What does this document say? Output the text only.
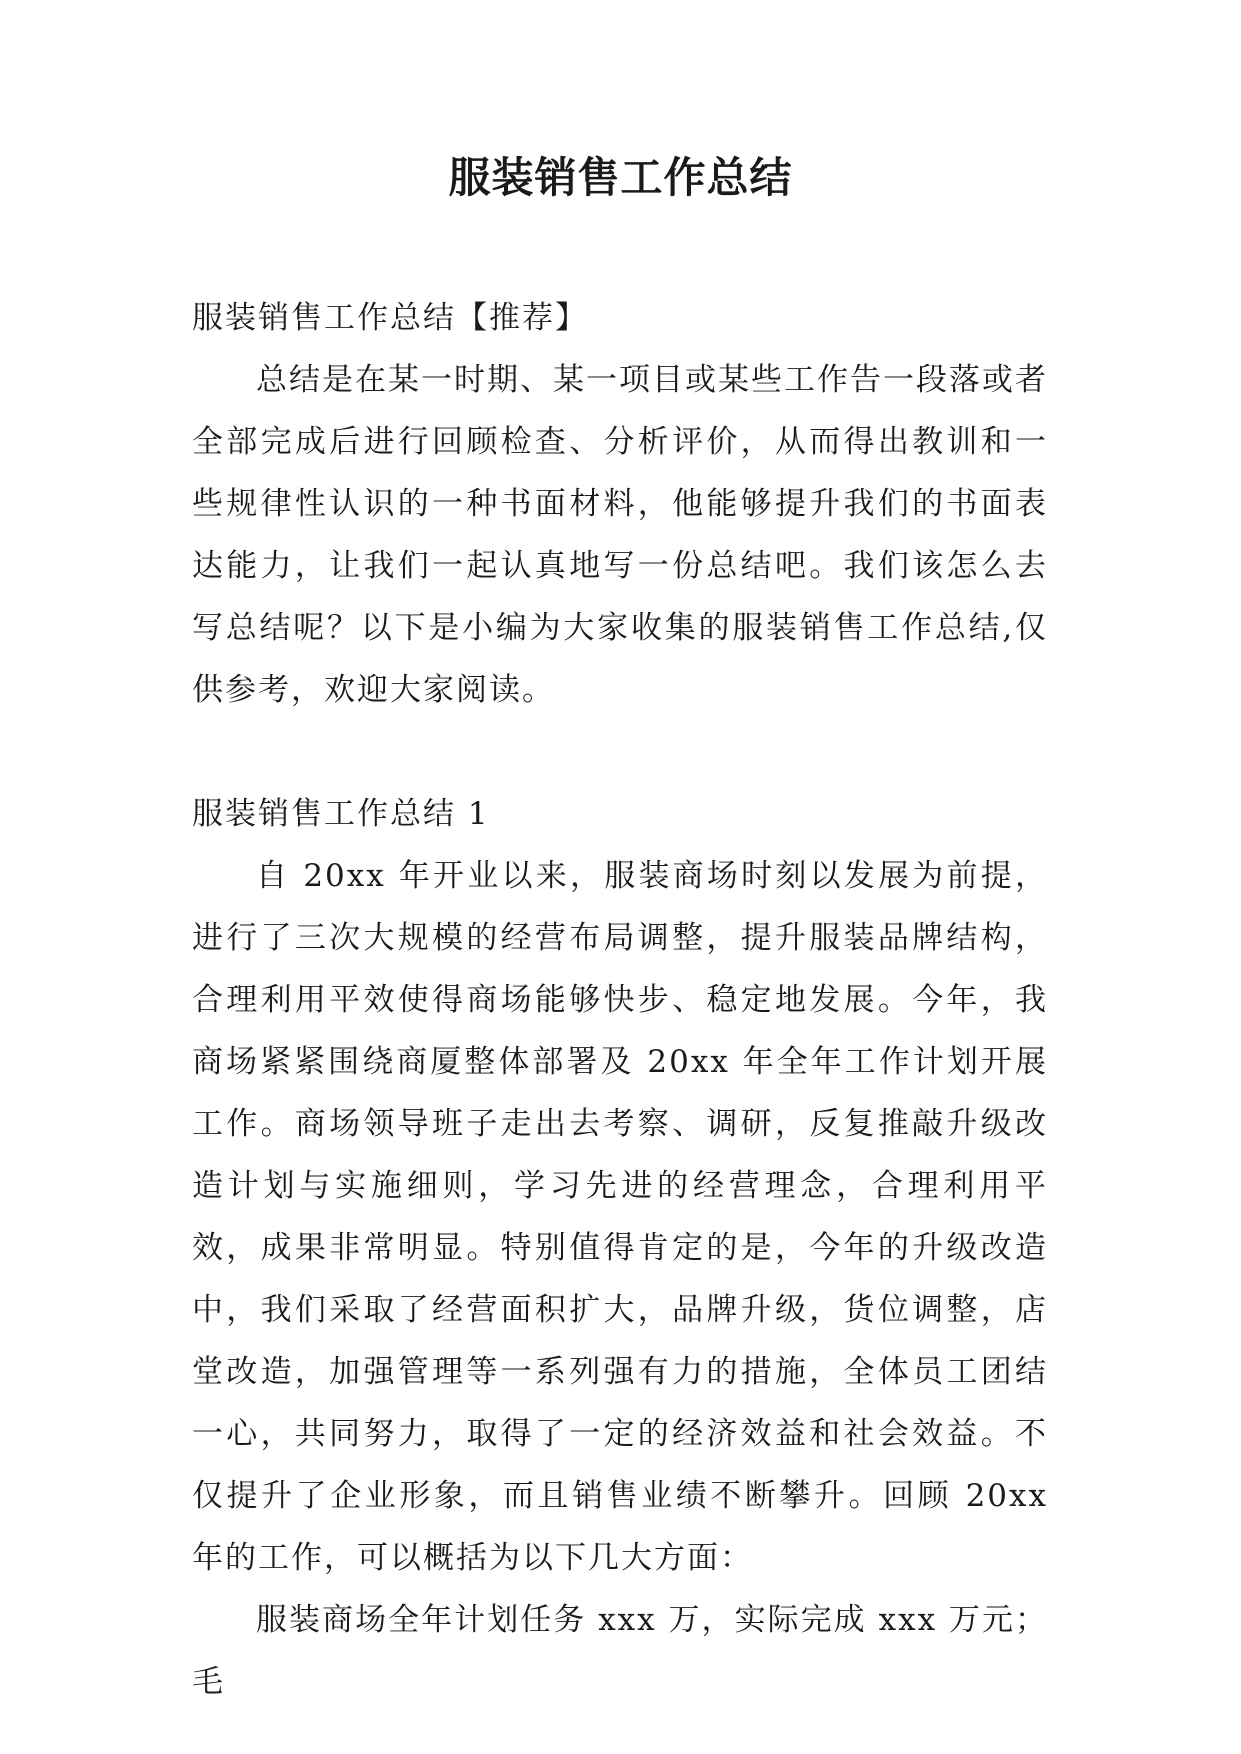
服装销售工作总结

服装销售工作总结【推荐】

总结是在某一时期、某一项目或某些工作告一段落或者全部完成后进行回顾检查、分析评价，从而得出教训和一些规律性认识的一种书面材料，他能够提升我们的书面表达能力，让我们一起认真地写一份总结吧。我们该怎么去写总结呢？以下是小编为大家收集的服装销售工作总结,仅供参考，欢迎大家阅读。

服装销售工作总结 1

自 20xx 年开业以来，服装商场时刻以发展为前提，进行了三次大规模的经营布局调整，提升服装品牌结构，合理利用平效使得商场能够快步、稳定地发展。今年，我商场紧紧围绕商厦整体部署及 20xx 年全年工作计划开展工作。商场领导班子走出去考察、调研，反复推敲升级改造计划与实施细则，学习先进的经营理念，合理利用平效，成果非常明显。特别值得肯定的是，今年的升级改造中，我们采取了经营面积扩大，品牌升级，货位调整，店堂改造，加强管理等一系列强有力的措施，全体员工团结一心，共同努力，取得了一定的经济效益和社会效益。不仅提升了企业形象，而且销售业绩不断攀升。回顾 20xx 年的工作，可以概括为以下几大方面：

服装商场全年计划任务 xxx 万，实际完成 xxx 万元；毛
